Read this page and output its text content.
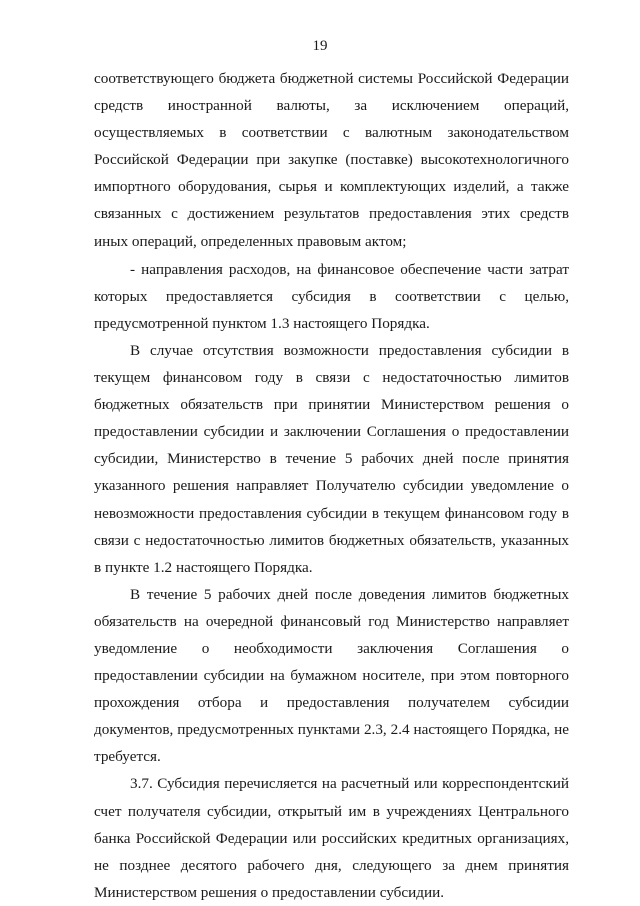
19

соответствующего бюджета бюджетной системы Российской Федерации средств иностранной валюты, за исключением операций, осуществляемых в соответствии с валютным законодательством Российской Федерации при закупке (поставке) высокотехнологичного импортного оборудования, сырья и комплектующих изделий, а также связанных с достижением результатов предоставления этих средств иных операций, определенных правовым актом;

- направления расходов, на финансовое обеспечение части затрат которых предоставляется субсидия в соответствии с целью, предусмотренной пунктом 1.3 настоящего Порядка.

В случае отсутствия возможности предоставления субсидии в текущем финансовом году в связи с недостаточностью лимитов бюджетных обязательств при принятии Министерством решения о предоставлении субсидии и заключении Соглашения о предоставлении субсидии, Министерство в течение 5 рабочих дней после принятия указанного решения направляет Получателю субсидии уведомление о невозможности предоставления субсидии в текущем финансовом году в связи с недостаточностью лимитов бюджетных обязательств, указанных в пункте 1.2 настоящего Порядка.

В течение 5 рабочих дней после доведения лимитов бюджетных обязательств на очередной финансовый год Министерство направляет уведомление о необходимости заключения Соглашения о предоставлении субсидии на бумажном носителе, при этом повторного прохождения отбора и предоставления получателем субсидии документов, предусмотренных пунктами 2.3, 2.4 настоящего Порядка, не требуется.

3.7. Субсидия перечисляется на расчетный или корреспондентский счет получателя субсидии, открытый им в учреждениях Центрального банка Российской Федерации или российских кредитных организациях, не позднее десятого рабочего дня, следующего за днем принятия Министерством решения о предоставлении субсидии.
